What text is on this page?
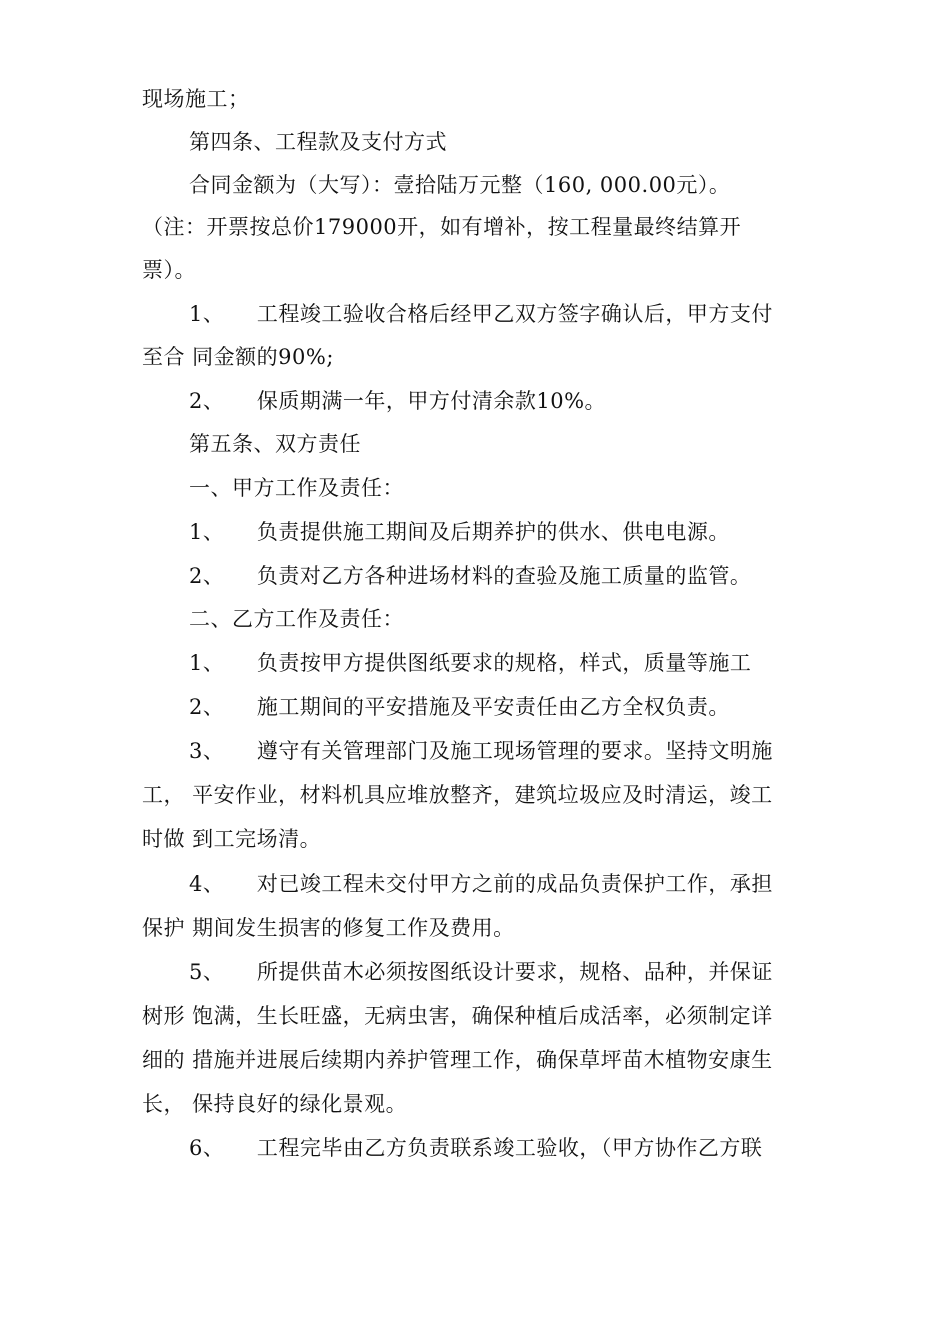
现场施工；
第四条、工程款及支付方式
合同金额为（大写）：壹拾陆万元整（160, 000.00元）。
（注：开票按总价179000开，如有增补，按工程量最终结算开
票）。
1、　　工程竣工验收合格后经甲乙双方签字确认后，甲方支付
至合 同金额的90%;
2、　　保质期满一年，甲方付清余款10%。
第五条、双方责任
一、甲方工作及责任：
1、　　负责提供施工期间及后期养护的供水、供电电源。
2、　　负责对乙方各种进场材料的查验及施工质量的监管。
二、乙方工作及责任：
1、　　负责按甲方提供图纸要求的规格，样式，质量等施工
2、　　施工期间的平安措施及平安责任由乙方全权负责。
3、　　遵守有关管理部门及施工现场管理的要求。坚持文明施
工， 平安作业，材料机具应堆放整齐，建筑垃圾应及时清运，竣工
时做 到工完场清。
4、　　对已竣工程未交付甲方之前的成品负责保护工作，承担
保护 期间发生损害的修复工作及费用。
5、　　所提供苗木必须按图纸设计要求，规格、品种，并保证
树形 饱满，生长旺盛，无病虫害，确保种植后成活率，必须制定详
细的 措施并进展后续期内养护管理工作，确保草坪苗木植物安康生
长， 保持良好的绿化景观。
6、　　工程完毕由乙方负责联系竣工验收，（甲方协作乙方联
